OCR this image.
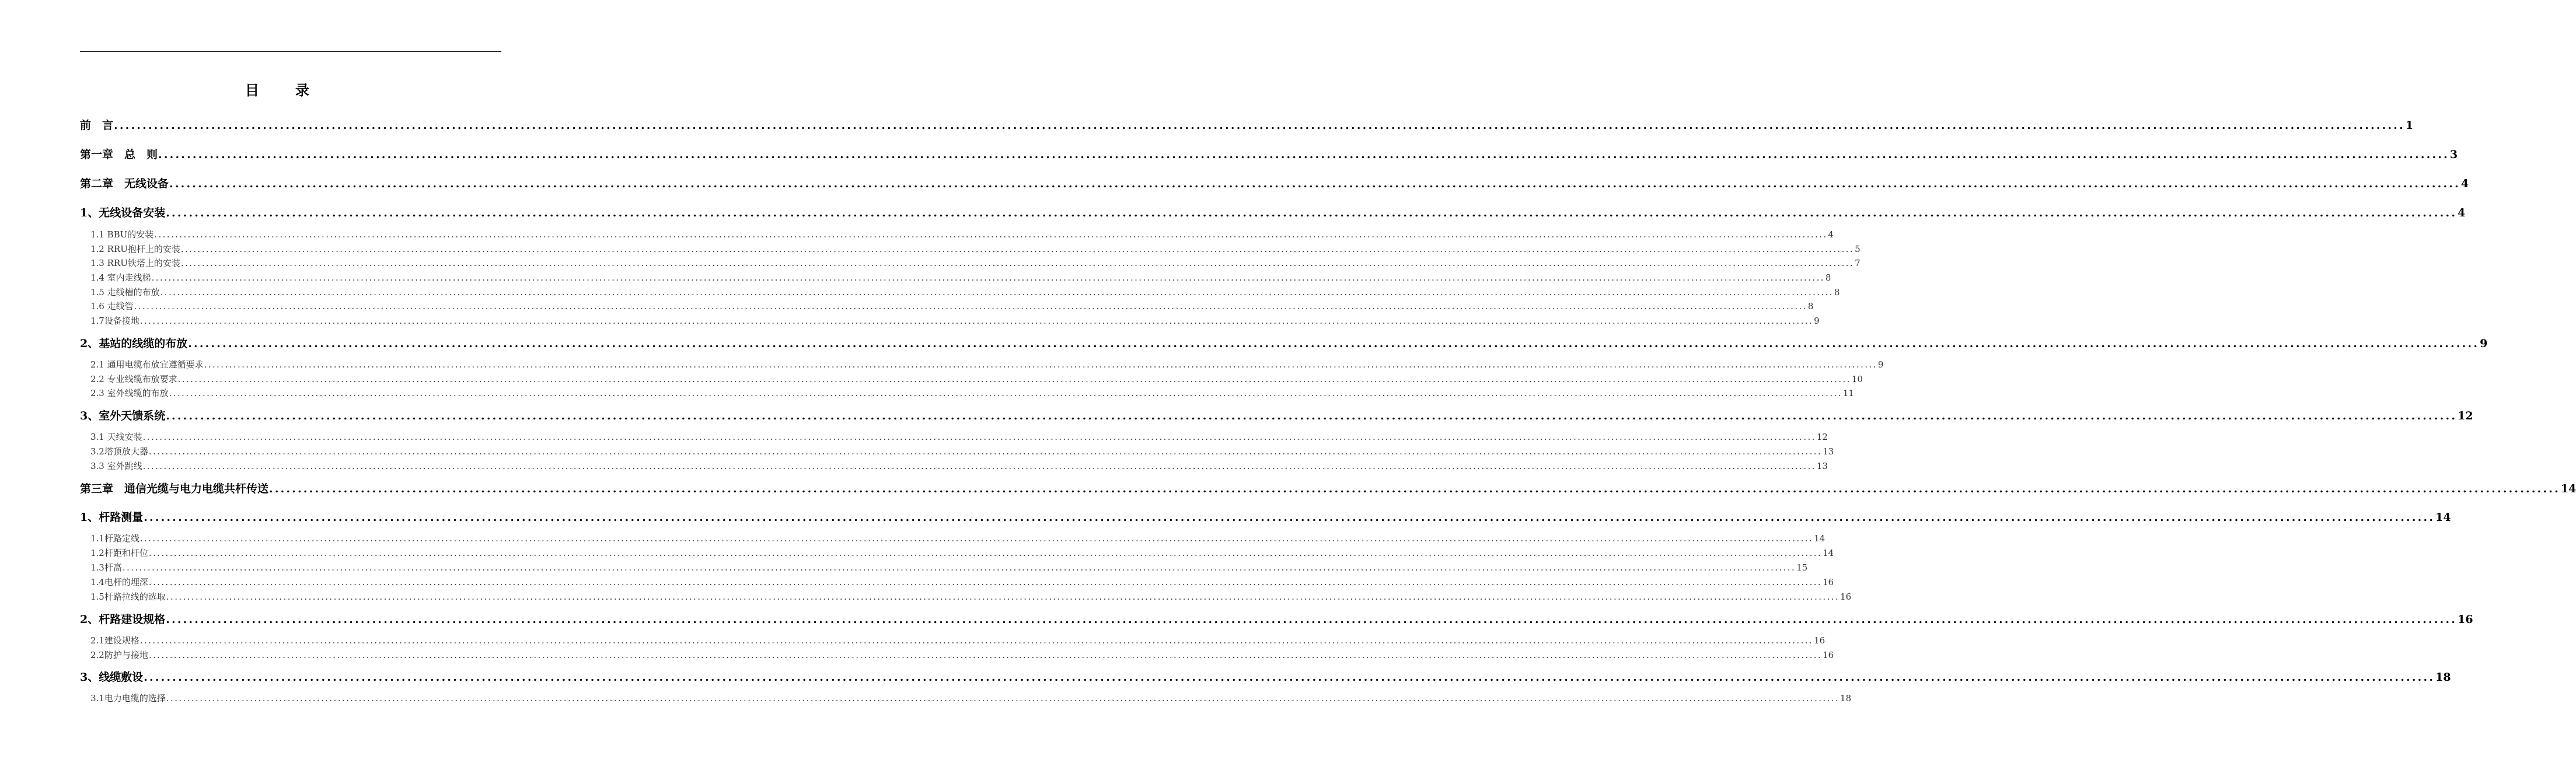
目	录
前　言 ................................................................................................................................................................................................................................................................................................................................................................................................................ 1
第一章　总　则 ................................................................................................................................................................................................................................................................................................................................................................................................................ 3
第二章　无线设备 ................................................................................................................................................................................................................................................................................................................................................................................................................ 4
1、无线设备安装 ................................................................................................................................................................................................................................................................................................................................................................................................................ 4
1.1 BBU的安装 ................................................................................................................................................................................................................................................................................................................................................................................................................ 4
1.2 RRU抱杆上的安装 ................................................................................................................................................................................................................................................................................................................................................................................................................ 5
1.3 RRU铁塔上的安装 ................................................................................................................................................................................................................................................................................................................................................................................................................ 7
1.4 室内走线梯 ................................................................................................................................................................................................................................................................................................................................................................................................................ 8
1.5 走线槽的布放 ................................................................................................................................................................................................................................................................................................................................................................................................................ 8
1.6 走线管 ................................................................................................................................................................................................................................................................................................................................................................................................................ 8
1.7设备接地 ................................................................................................................................................................................................................................................................................................................................................................................................................ 9
2、基站的线缆的布放 ................................................................................................................................................................................................................................................................................................................................................................................................................ 9
2.1 通用电缆布放宜遵循要求 ................................................................................................................................................................................................................................................................................................................................................................................................................ 9
2.2 专业线缆布放要求 ................................................................................................................................................................................................................................................................................................................................................................................................................ 10
2.3 室外线缆的布放 ................................................................................................................................................................................................................................................................................................................................................................................................................ 11
3、室外天馈系统 ................................................................................................................................................................................................................................................................................................................................................................................................................ 12
3.1 天线安装 ................................................................................................................................................................................................................................................................................................................................................................................................................ 12
3.2塔顶放大器 ................................................................................................................................................................................................................................................................................................................................................................................................................ 13
3.3 室外跳线 ................................................................................................................................................................................................................................................................................................................................................................................................................ 13
第三章　通信光缆与电力电缆共杆传送 ................................................................................................................................................................................................................................................................................................................................................................................................................ 14
1、杆路测量 ................................................................................................................................................................................................................................................................................................................................................................................................................ 14
1.1杆路定线 ................................................................................................................................................................................................................................................................................................................................................................................................................ 14
1.2杆距和杆位 ................................................................................................................................................................................................................................................................................................................................................................................................................ 14
1.3杆高 ................................................................................................................................................................................................................................................................................................................................................................................................................ 15
1.4电杆的埋深 ................................................................................................................................................................................................................................................................................................................................................................................................................ 16
1.5杆路拉线的选取 ................................................................................................................................................................................................................................................................................................................................................................................................................ 16
2、杆路建设规格 ................................................................................................................................................................................................................................................................................................................................................................................................................ 16
2.1建设规格 ................................................................................................................................................................................................................................................................................................................................................................................................................ 16
2.2防护与接地 ................................................................................................................................................................................................................................................................................................................................................................................................................ 16
3、线缆敷设 ................................................................................................................................................................................................................................................................................................................................................................................................................ 18
3.1电力电缆的选择 ................................................................................................................................................................................................................................................................................................................................................................................................................ 18
